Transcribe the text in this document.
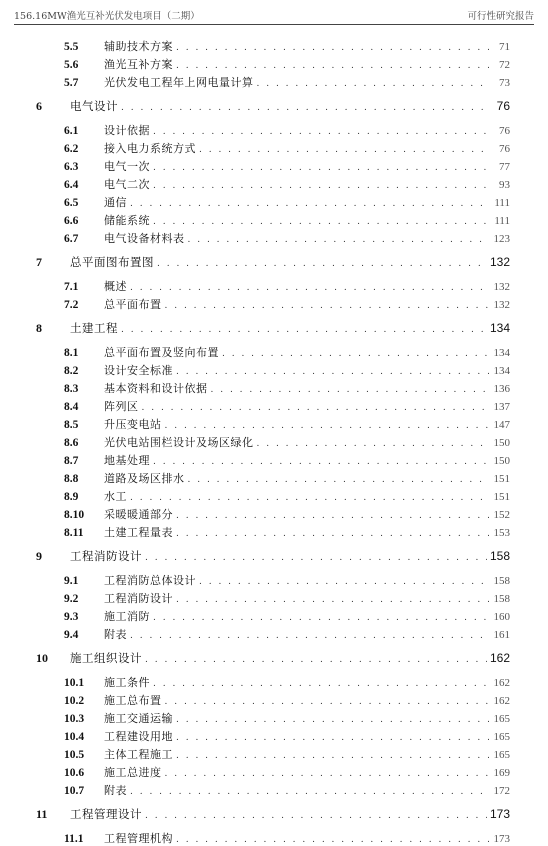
156.16MW渔光互补光伏发电项目（二期）	可行性研究报告
5.5	辅助技术方案 . . .	71
5.6	渔光互补方案 . . .	72
5.7	光伏发电工程年上网电量计算 . . .	73
6	电气设计 . . .	76
6.1	设计依据 . . .	76
6.2	接入电力系统方式 . . .	76
6.3	电气一次 . . .	77
6.4	电气二次 . . .	93
6.5	通信 . . .	111
6.6	储能系统 . . .	111
6.7	电气设备材料表 . . .	123
7	总平面图布置图 . . .	132
7.1	概述 . . .	132
7.2	总平面布置 . . .	132
8	土建工程 . . .	134
8.1	总平面布置及竖向布置 . . .	134
8.2	设计安全标准 . . .	134
8.3	基本资料和设计依据 . . .	136
8.4	阵列区 . . .	137
8.5	升压变电站 . . .	147
8.6	光伏电站围栏设计及场区绿化 . . .	150
8.7	地基处理 . . .	150
8.8	道路及场区排水 . . .	151
8.9	水工 . . .	151
8.10	采暖暖通部分 . . .	152
8.11	土建工程量表 . . .	153
9	工程消防设计 . . .	158
9.1	工程消防总体设计 . . .	158
9.2	工程消防设计 . . .	158
9.3	施工消防 . . .	160
9.4	附表 . . .	161
10	施工组织设计 . . .	162
10.1	施工条件 . . .	162
10.2	施工总布置 . . .	162
10.3	施工交通运输 . . .	165
10.4	工程建设用地 . . .	165
10.5	主体工程施工 . . .	165
10.6	施工总进度 . . .	169
10.7	附表 . . .	172
11	工程管理设计 . . .	173
11.1	工程管理机构 . . .	173
